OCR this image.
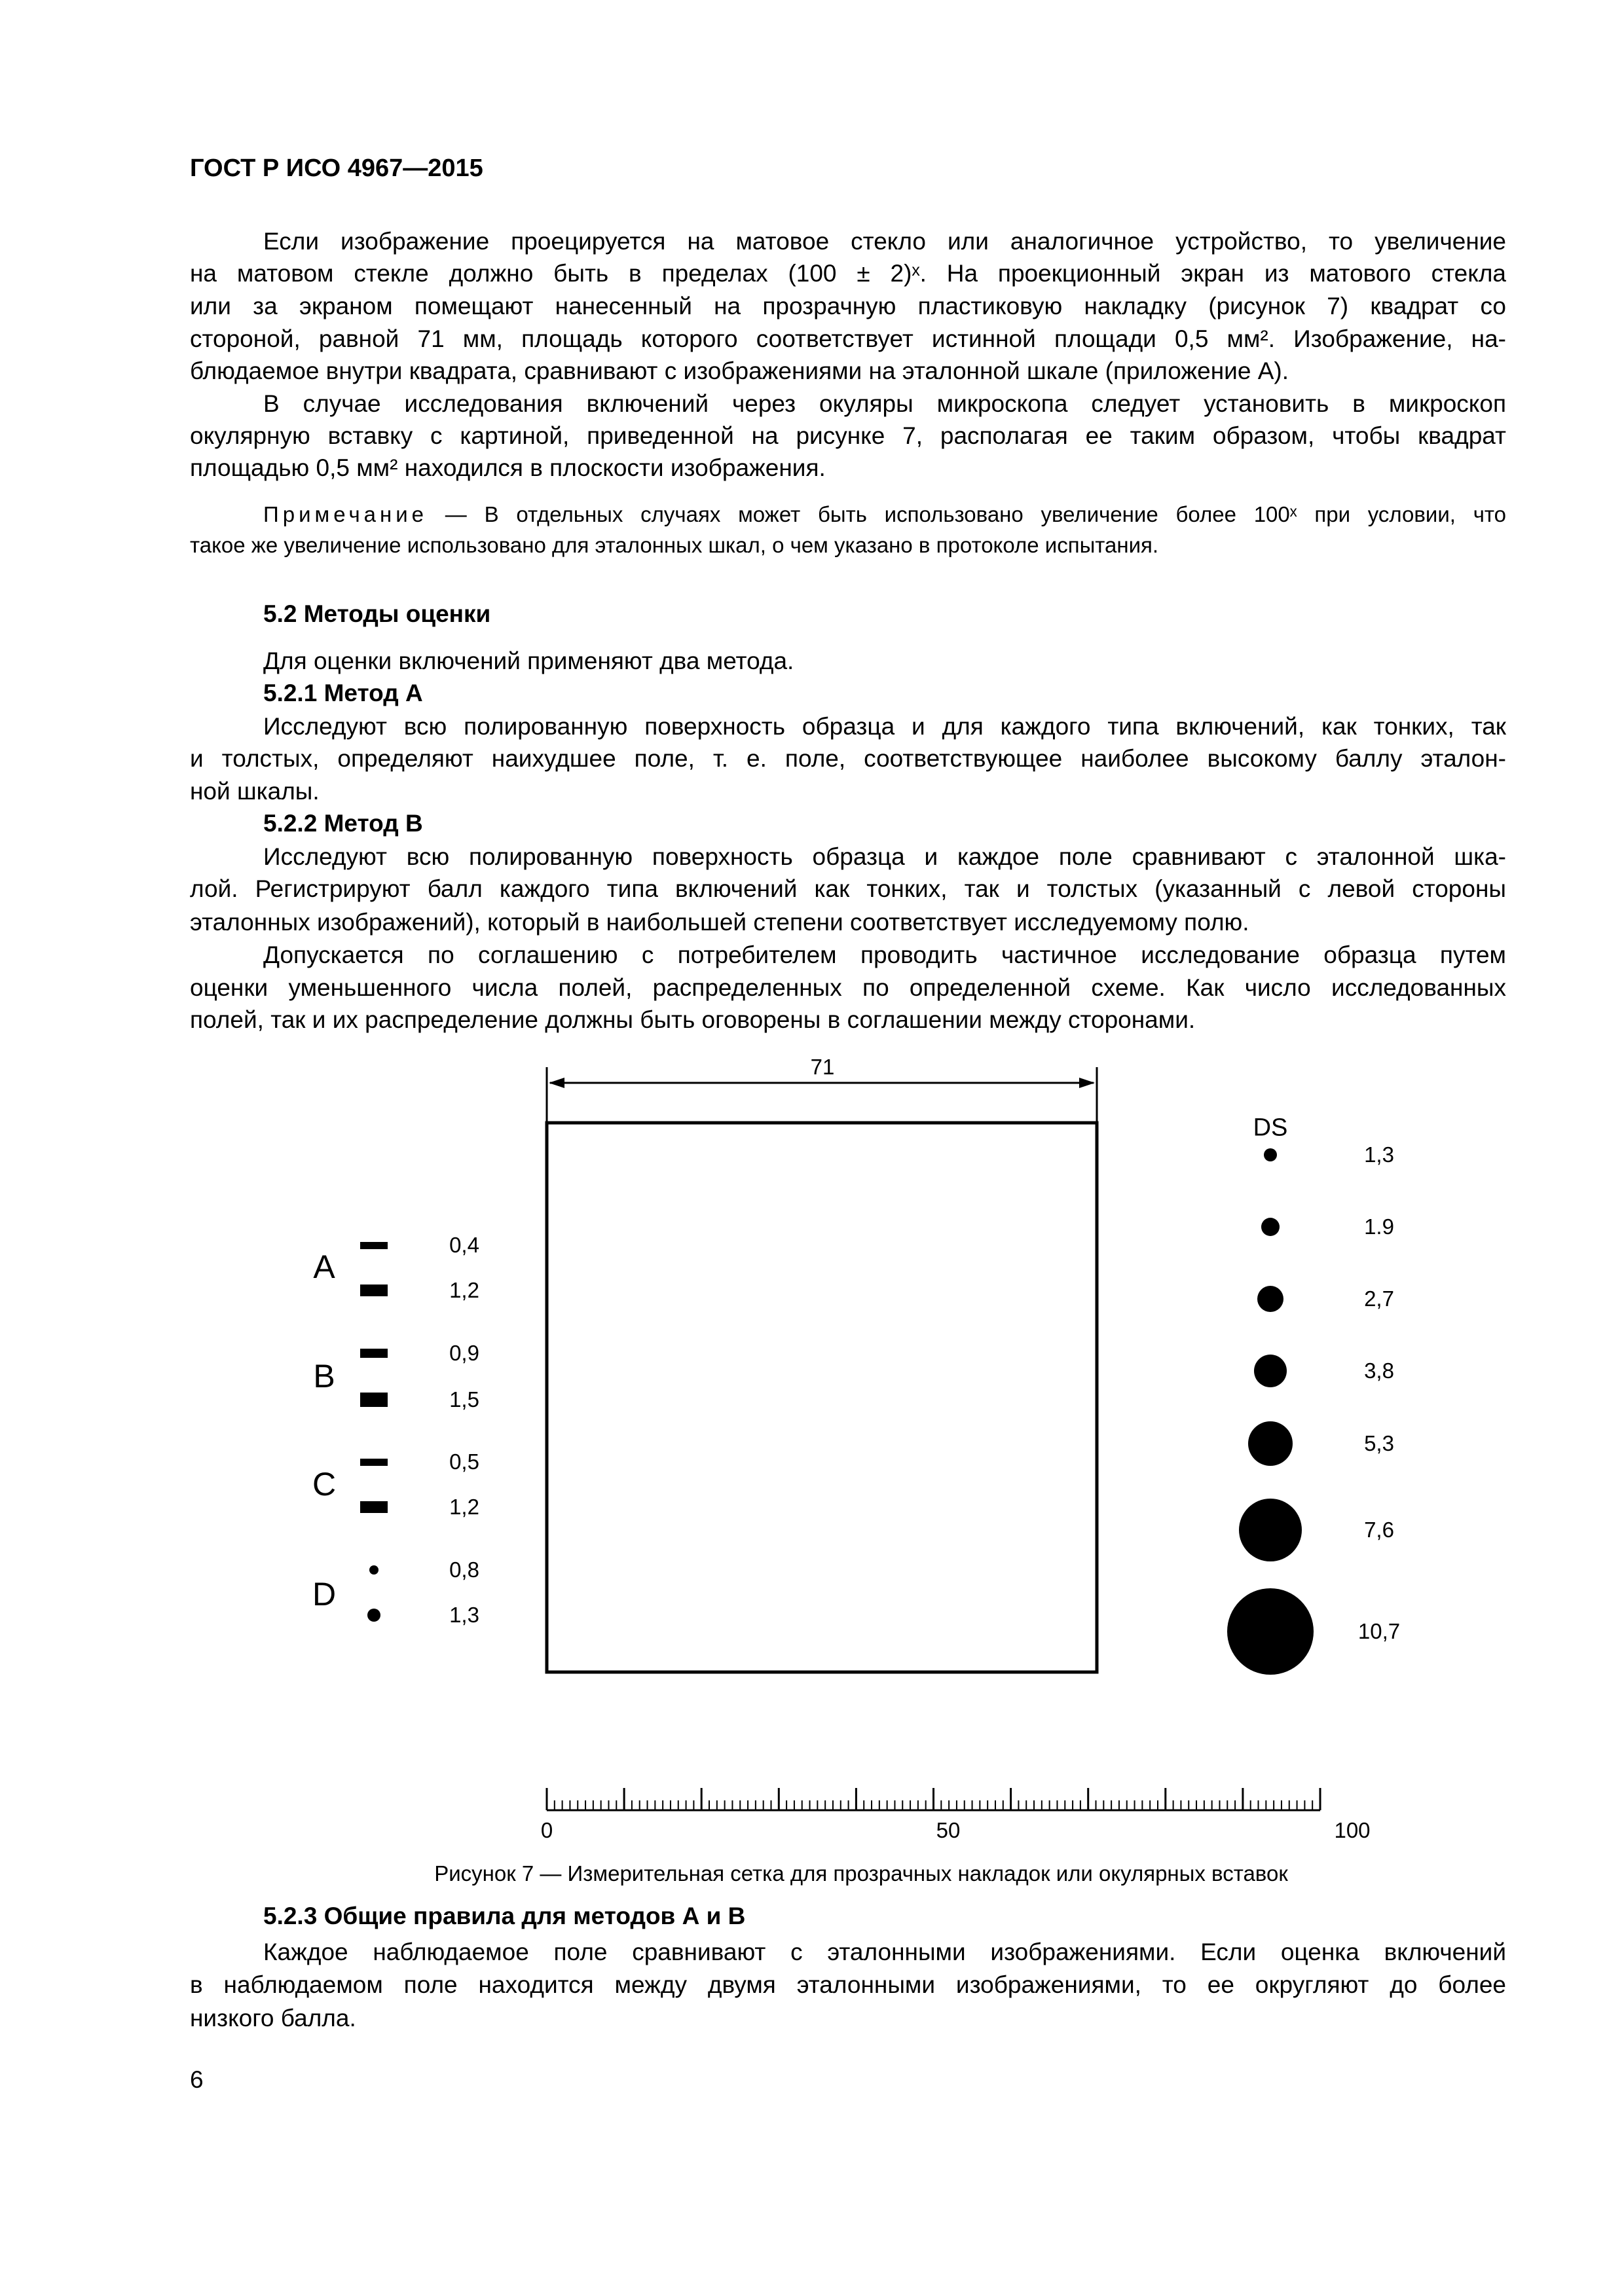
ГОСТ Р ИСО 4967—2015
Если изображение проецируется на матовое стекло или аналогичное устройство, то увеличение
на матовом стекле должно быть в пределах (100 ± 2)ˣ. На проекционный экран из матового стекла
или за экраном помещают нанесенный на прозрачную пластиковую накладку (рисунок 7) квадрат со
стороной, равной 71 мм, площадь которого соответствует истинной площади 0,5 мм². Изображение, на-
блюдаемое внутри квадрата, сравнивают с изображениями на эталонной шкале (приложение А).
В случае исследования включений через окуляры микроскопа следует установить в микроскоп
окулярную вставку с картиной, приведенной на рисунке 7, располагая ее таким образом, чтобы квадрат
площадью 0,5 мм² находился в плоскости изображения.
Примечание — В отдельных случаях может быть использовано увеличение более 100ˣ при условии, что
такое же увеличение использовано для эталонных шкал, о чем указано в протоколе испытания.
5.2 Методы оценки
Для оценки включений применяют два метода.
5.2.1 Метод А
Исследуют всю полированную поверхность образца и для каждого типа включений, как тонких, так
и толстых, определяют наихудшее поле, т. е. поле, соответствующее наиболее высокому баллу эталон-
ной шкалы.
5.2.2 Метод В
Исследуют всю полированную поверхность образца и каждое поле сравнивают с эталонной шка-
лой. Регистрируют балл каждого типа включений как тонких, так и толстых (указанный с левой стороны
эталонных изображений), который в наибольшей степени соответствует исследуемому полю.
Допускается по соглашению с потребителем проводить частичное исследование образца путем
оценки уменьшенного числа полей, распределенных по определенной схеме. Как число исследованных
полей, так и их распределение должны быть оговорены в соглашении между сторонами.
71
A
B
C
D
0,4
1,2
0,9
1,5
0,5
1,2
0,8
1,3
DS
1,3
1.9
2,7
3,8
5,3
7,6
10,7
0	50	100
Рисунок 7 — Измерительная сетка для прозрачных накладок или окулярных вставок
5.2.3 Общие правила для методов А и В
Каждое наблюдаемое поле сравнивают с эталонными изображениями. Если оценка включений
в наблюдаемом поле находится между двумя эталонными изображениями, то ее округляют до более
низкого балла.
6
